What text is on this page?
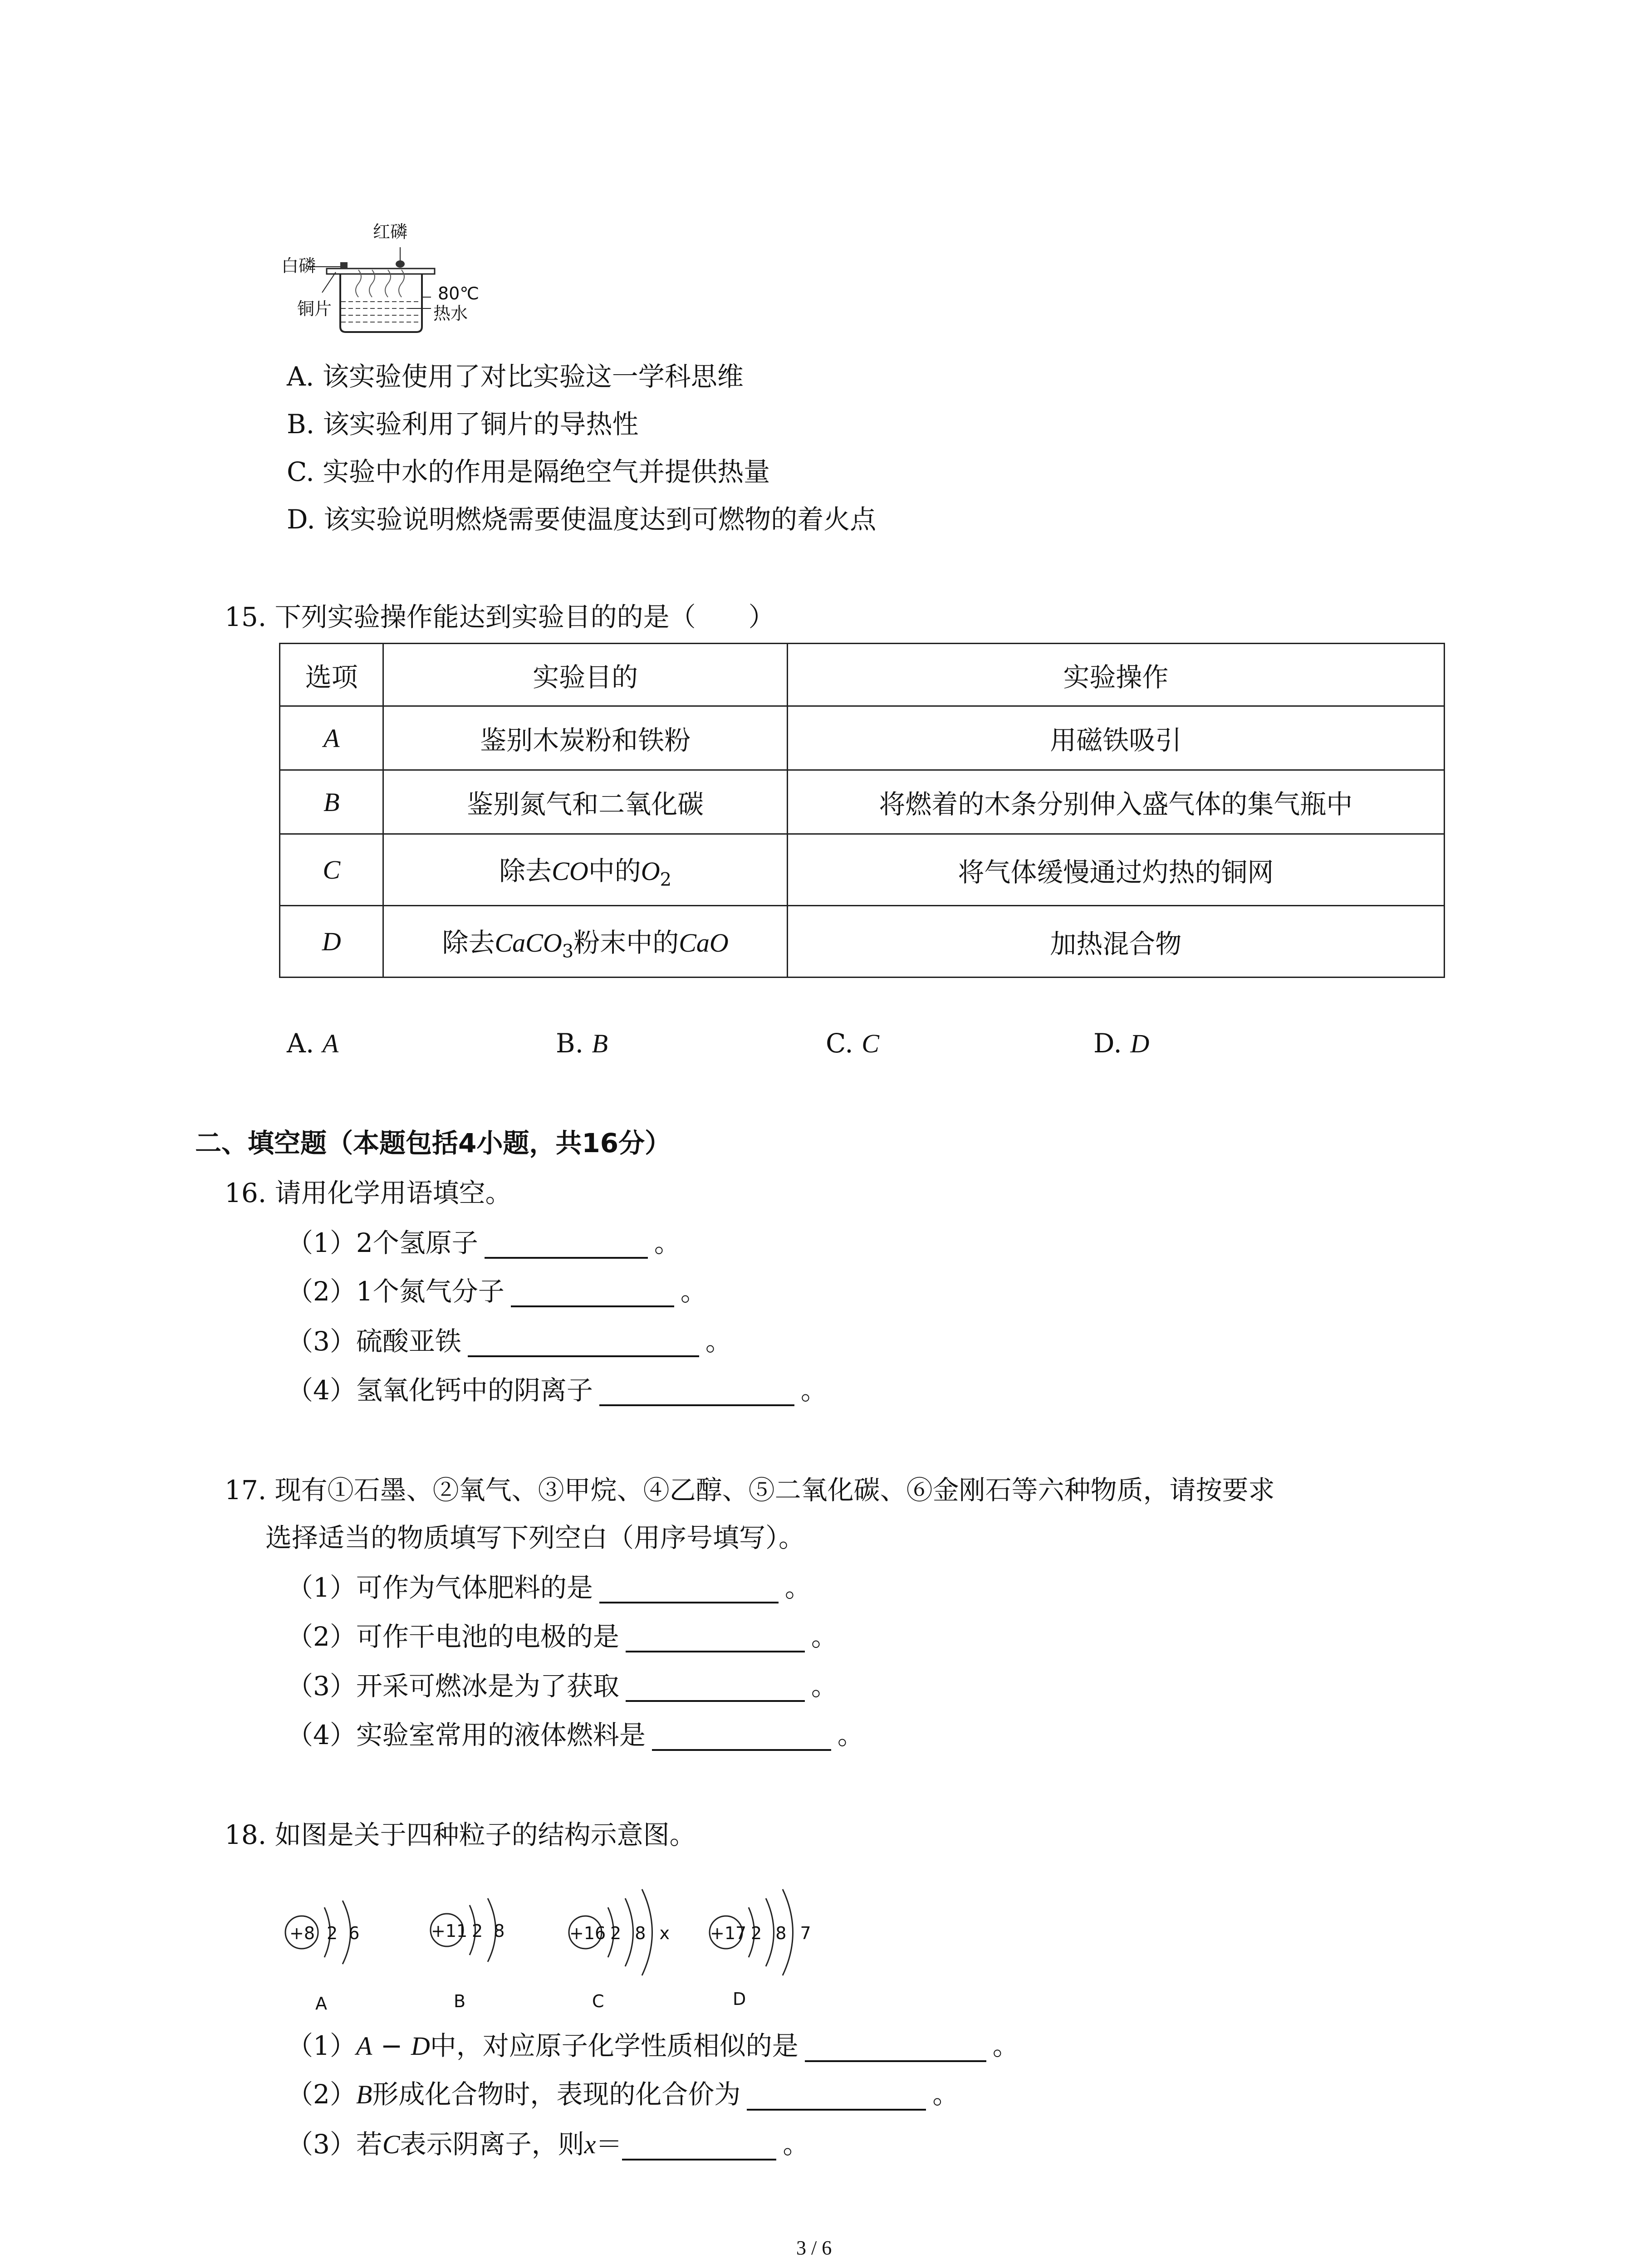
红磷
白磷
80℃
铜片	热水
A. 该实验使用了对比实验这一学科思维
B. 该实验利用了铜片的导热性
C. 实验中水的作用是隔绝空气并提供热量
D. 该实验说明燃烧需要使温度达到可燃物的着火点
15. 下列实验操作能达到实验目的的是（　　）
选项	实验目的	实验操作
A	鉴别木炭粉和铁粉	用磁铁吸引
B	鉴别氮气和二氧化碳	将燃着的木条分别伸入盛气体的集气瓶中
C	除去CO中的$O_2$	将气体缓慢通过灼热的铜网
D	除去CaCO$_3$粉末中的CaO	加热混合物
A. A	B. B	C. C	D. D
二、填空题（本题包括4小题，共16分）
16. 请用化学用语填空。
（1）2个氢原子	。
（2）1个氮气分子	。
（3）硫酸亚铁	。
（4）氢氧化钙中的阴离子	。
17. 现有①石墨、②氧气、③甲烷、④乙醇、⑤二氧化碳、⑥金刚石等六种物质，请按要求
选择适当的物质填写下列空白（用序号填写）。
（1）可作为气体肥料的是	。
（2）可作干电池的电极的是	。
（3）开采可燃冰是为了获取	。
（4）实验室常用的液体燃料是	。
18. 如图是关于四种粒子的结构示意图。
+8 2 6
A
+11 2 8
B
+16 2 8 x
C
+17 2 8 7
D
（1）A − D中，对应原子化学性质相似的是	。
（2）B形成化合物时，表现的化合价为	。
（3）若C表示阴离子，则x＝	。
3 / 6
